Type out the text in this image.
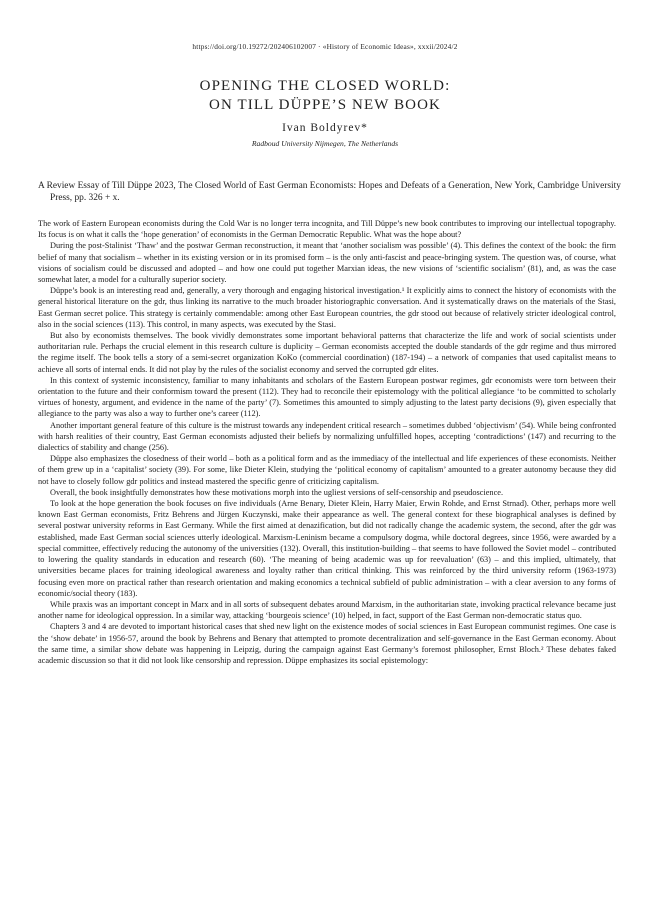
https://doi.org/10.19272/202406102007 · «History of Economic Ideas», xxxii/2024/2
OPENING THE CLOSED WORLD:
ON TILL DÜPPE’S NEW BOOK
Ivan Boldyrev*
Radboud University Nijmegen, The Netherlands
A Review Essay of Till Düppe 2023, The Closed World of East German Economists: Hopes and Defeats of a Generation, New York, Cambridge University Press, pp. 326 + x.

The work of Eastern European economists during the Cold War is no longer terra incognita, and Till Düppe’s new book contributes to improving our intellectual topography. Its focus is on what it calls the ‘hope generation’ of economists in the German Democratic Republic. What was the hope about?

During the post-Stalinist ‘Thaw’ and the postwar German reconstruction, it meant that ‘another socialism was possible’ (4). This defines the context of the book: the firm belief of many that socialism – whether in its existing version or in its promised form – is the only anti-fascist and peace-bringing system. The question was, of course, what visions of socialism could be discussed and adopted – and how one could put together Marxian ideas, the new visions of ‘scientific socialism’ (81), and, as was the case somewhat later, a model for a culturally superior society.

Düppe’s book is an interesting read and, generally, a very thorough and engaging historical investigation.¹ It explicitly aims to connect the history of economists with the general historical literature on the gdr, thus linking its narrative to the much broader historiographic conversation. And it systematically draws on the materials of the Stasi, East German secret police. This strategy is certainly commendable: among other East European countries, the gdr stood out because of relatively stricter ideological control, also in the social sciences (113). This control, in many aspects, was executed by the Stasi.

But also by economists themselves. The book vividly demonstrates some important behavioral patterns that characterize the life and work of social scientists under authoritarian rule. Perhaps the crucial element in this research culture is duplicity – German economists accepted the double standards of the gdr regime and thus mirrored the regime itself. The book tells a story of a semi-secret organization KoKo (commercial coordination) (187-194) – a network of companies that used capitalist means to achieve all sorts of internal ends. It did not play by the rules of the socialist economy and served the corrupted gdr elites.

In this context of systemic inconsistency, familiar to many inhabitants and scholars of the Eastern European postwar regimes, gdr economists were torn between their orientation to the future and their conformism toward the present (112). They had to reconcile their epistemology with the political allegiance ‘to be committed to scholarly virtues of honesty, argument, and evidence in the name of the party’ (7). Sometimes this amounted to simply adjusting to the latest party decisions (9), given especially that allegiance to the party was also a way to further one’s career (112).

Another important general feature of this culture is the mistrust towards any independent critical research – sometimes dubbed ‘objectivism’ (54). While being confronted with harsh realities of their country, East German economists adjusted their beliefs by normalizing unfulfilled hopes, accepting ‘contradictions’ (147) and recurring to the dialectics of stability and change (256).

Düppe also emphasizes the closedness of their world – both as a political form and as the immediacy of the intellectual and life experiences of these economists. Neither of them grew up in a ‘capitalist’ society (39). For some, like Dieter Klein, studying the ‘political economy of capitalism’ amounted to a greater autonomy because they did not have to closely follow gdr politics and instead mastered the specific genre of criticizing capitalism.

Overall, the book insightfully demonstrates how these motivations morph into the ugliest versions of self-censorship and pseudoscience.

To look at the hope generation the book focuses on five individuals (Arne Benary, Dieter Klein, Harry Maier, Erwin Rohde, and Ernst Strnad). Other, perhaps more well known East German economists, Fritz Behrens and Jürgen Kuczynski, make their appearance as well. The general context for these biographical analyses is defined by several postwar university reforms in East Germany. While the first aimed at denazification, but did not radically change the academic system, the second, after the gdr was established, made East German social sciences utterly ideological. Marxism-Leninism became a compulsory dogma, while doctoral degrees, since 1956, were awarded by a special committee, effectively reducing the autonomy of the universities (132). Overall, this institution-building – that seems to have followed the Soviet model – contributed to lowering the quality standards in education and research (60). ‘The meaning of being academic was up for reevaluation’ (63) – and this implied, ultimately, that universities became places for training ideological awareness and loyalty rather than critical thinking. This was reinforced by the third university reform (1963-1973) focusing even more on practical rather than research orientation and making economics a technical subfield of public administration – with a clear aversion to any forms of economic/social theory (183).

While praxis was an important concept in Marx and in all sorts of subsequent debates around Marxism, in the authoritarian state, invoking practical relevance became just another name for ideological oppression. In a similar way, attacking ‘bourgeois science’ (10) helped, in fact, support of the East German non-democratic status quo.

Chapters 3 and 4 are devoted to important historical cases that shed new light on the existence modes of social sciences in East European communist regimes. One case is the ‘show debate’ in 1956-57, around the book by Behrens and Benary that attempted to promote decentralization and self-governance in the East German economy. About the same time, a similar show debate was happening in Leipzig, during the campaign against East Germany’s foremost philosopher, Ernst Bloch.² These debates faked academic discussion so that it did not look like censorship and repression. Düppe emphasizes its social epistemology:
